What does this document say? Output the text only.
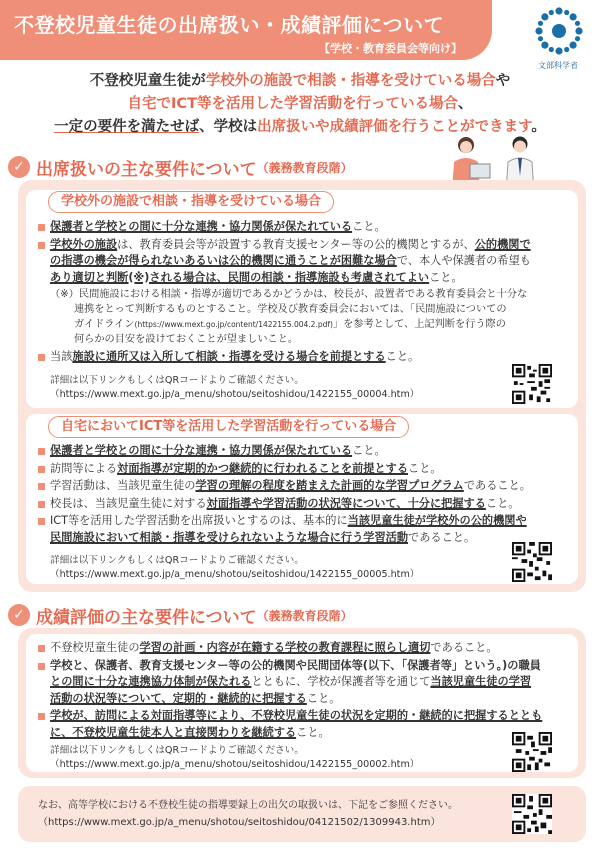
不登校児童生徒の出席扱い・成績評価について
【学校・教育委員会等向け】
文部科学省
不登校児童生徒が学校外の施設で相談・指導を受けている場合や
自宅でICT等を活用した学習活動を行っている場合、
一定の要件を満たせば、学校は出席扱いや成績評価を行うことができます。
✓ 出席扱いの主な要件について （義務教育段階）
学校外の施設で相談・指導を受けている場合
保護者と学校との間に十分な連携・協力関係が保たれていること。
学校外の施設は、教育委員会等が設置する教育支援センター等の公的機関とするが、公的機関で
の指導の機会が得られないあるいは公的機関に通うことが困難な場合で、本人や保護者の希望も
あり適切と判断(※)される場合は、民間の相談・指導施設も考慮されてよいこと。
（※）民間施設における相談・指導が適切であるかどうかは、校長が、設置者である教育委員会と十分な
連携をとって判断するものとすること。学校及び教育委員会においては、「民間施設についての
ガイドライン(https://www.mext.go.jp/content/1422155.004.2.pdf)」を参考として、上記判断を行う際の
何らかの目安を設けておくことが望ましいこと。
当該施設に通所又は入所して相談・指導を受ける場合を前提とすること。
詳細は以下リンクもしくはQRコードよりご確認ください。
（https://www.mext.go.jp/a_menu/shotou/seitoshidou/1422155_00004.htm）
自宅においてICT等を活用した学習活動を行っている場合
保護者と学校との間に十分な連携・協力関係が保たれていること。
訪問等による対面指導が定期的かつ継続的に行われることを前提とすること。
学習活動は、当該児童生徒の学習の理解の程度を踏まえた計画的な学習プログラムであること。
校長は、当該児童生徒に対する対面指導や学習活動の状況等について、十分に把握すること。
ICT等を活用した学習活動を出席扱いとするのは、基本的に当該児童生徒が学校外の公的機関や
民間施設において相談・指導を受けられないような場合に行う学習活動であること。
詳細は以下リンクもしくはQRコードよりご確認ください。
（https://www.mext.go.jp/a_menu/shotou/seitoshidou/1422155_00005.htm）
✓ 成績評価の主な要件について （義務教育段階）
不登校児童生徒の学習の計画・内容が在籍する学校の教育課程に照らし適切であること。
学校と、保護者、教育支援センター等の公的機関や民間団体等(以下、「保護者等」という。)の職員
との間に十分な連携協力体制が保たれるとともに、学校が保護者等を通じて当該児童生徒の学習
活動の状況等について、定期的・継続的に把握すること。
学校が、訪問による対面指導等により、不登校児童生徒の状況を定期的・継続的に把握するととも
に、不登校児童生徒本人と直接関わりを継続すること。
詳細は以下リンクもしくはQRコードよりご確認ください。
（https://www.mext.go.jp/a_menu/shotou/seitoshidou/1422155_00002.htm）
なお、高等学校における不登校生徒の指導要録上の出欠の取扱いは、下記をご参照ください。
（https://www.mext.go.jp/a_menu/shotou/seitoshidou/04121502/1309943.htm）
